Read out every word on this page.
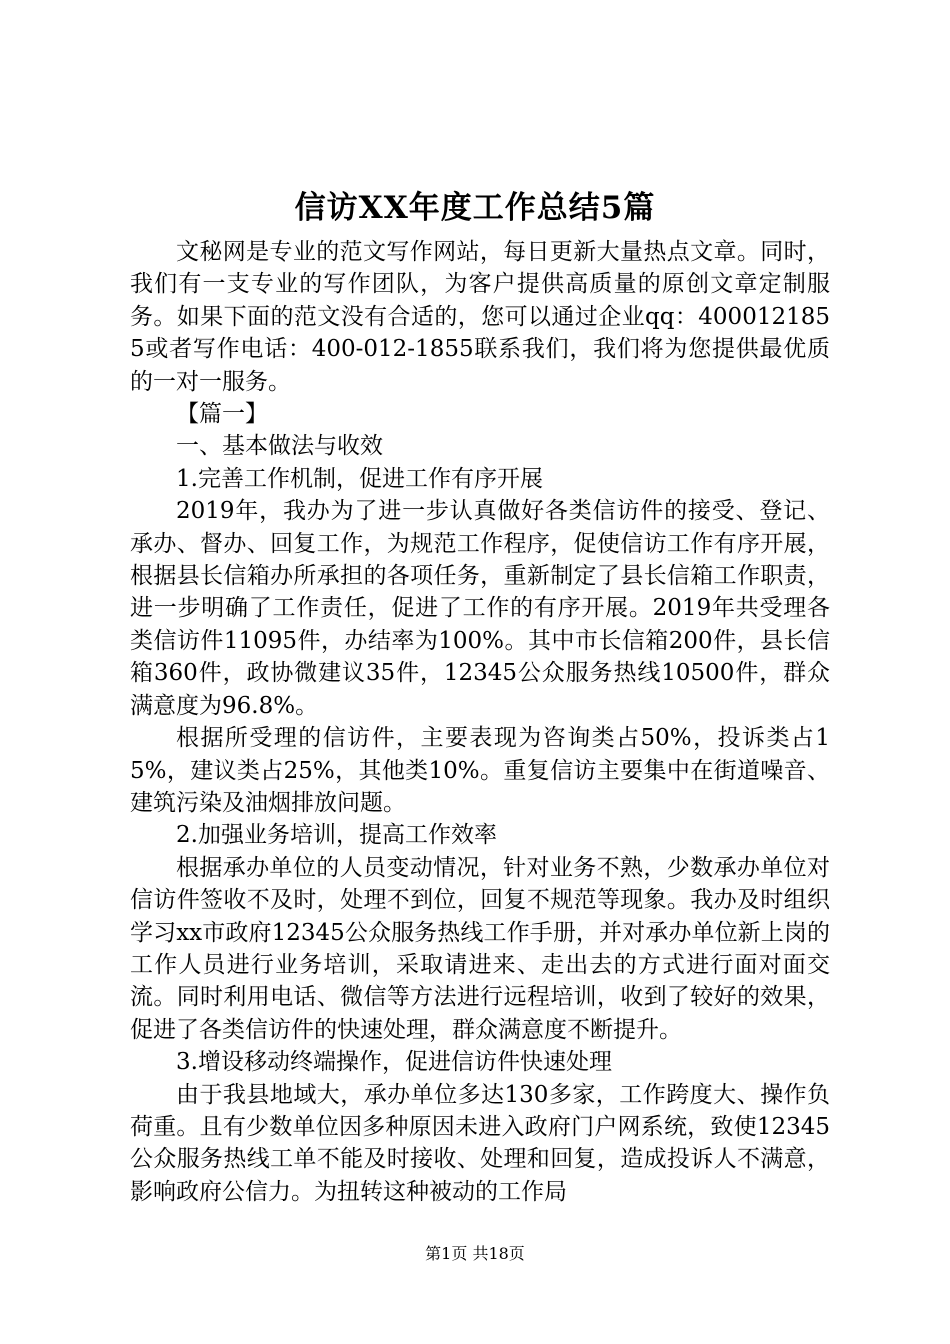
信访XX年度工作总结5篇

文秘网是专业的范文写作网站，每日更新大量热点文章。同时，我们有一支专业的写作团队，为客户提供高质量的原创文章定制服务。如果下面的范文没有合适的，您可以通过企业qq：4000121855或者写作电话：400-012-1855联系我们，我们将为您提供最优质的一对一服务。

【篇一】

一、基本做法与收效

1.完善工作机制，促进工作有序开展

2019年，我办为了进一步认真做好各类信访件的接受、登记、承办、督办、回复工作，为规范工作程序，促使信访工作有序开展，根据县长信箱办所承担的各项任务，重新制定了县长信箱工作职责，进一步明确了工作责任，促进了工作的有序开展。2019年共受理各类信访件11095件，办结率为100%。其中市长信箱200件，县长信箱360件，政协微建议35件，12345公众服务热线10500件，群众满意度为96.8%。

根据所受理的信访件，主要表现为咨询类占50%，投诉类占15%，建议类占25%，其他类10%。重复信访主要集中在街道噪音、建筑污染及油烟排放问题。

2.加强业务培训，提高工作效率

根据承办单位的人员变动情况，针对业务不熟，少数承办单位对信访件签收不及时，处理不到位，回复不规范等现象。我办及时组织学习xx市政府12345公众服务热线工作手册，并对承办单位新上岗的工作人员进行业务培训，采取请进来、走出去的方式进行面对面交流。同时利用电话、微信等方法进行远程培训，收到了较好的效果，促进了各类信访件的快速处理，群众满意度不断提升。

3.增设移动终端操作，促进信访件快速处理

由于我县地域大，承办单位多达130多家，工作跨度大、操作负荷重。且有少数单位因多种原因未进入政府门户网系统，致使12345公众服务热线工单不能及时接收、处理和回复，造成投诉人不满意，影响政府公信力。为扭转这种被动的工作局

第1页 共18页
